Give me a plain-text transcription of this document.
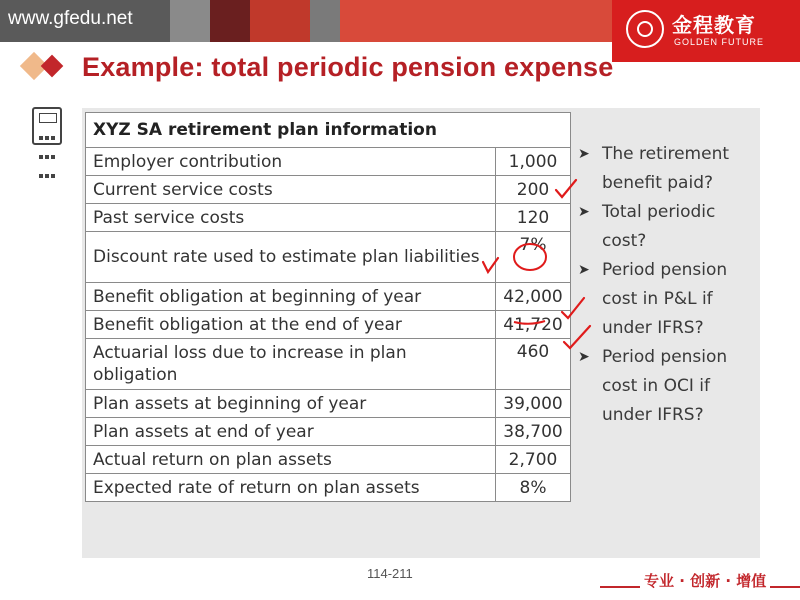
www.gfedu.net	金程教育
GOLDEN FUTURE
Example: total periodic pension expense
XYZ SA retirement plan information	
Employer contribution	1,000
Current service costs	200
Past service costs	120
Discount rate used to estimate plan liabilities	7%
Benefit obligation at beginning of year	42,000
Benefit obligation at the end of year	41,720
Actuarial loss due to increase in plan obligation	460
Plan assets at beginning of year	39,000
Plan assets at end of year	38,700
Actual return on plan assets	2,700
Expected rate of return on plan assets	8%

➤ The retirement benefit paid?

➤ Total periodic cost?

➤ Period pension cost in P&L if under IFRS?

➤ Period pension cost in OCI if under IFRS?

114-211	专业 · 创新 · 增值
